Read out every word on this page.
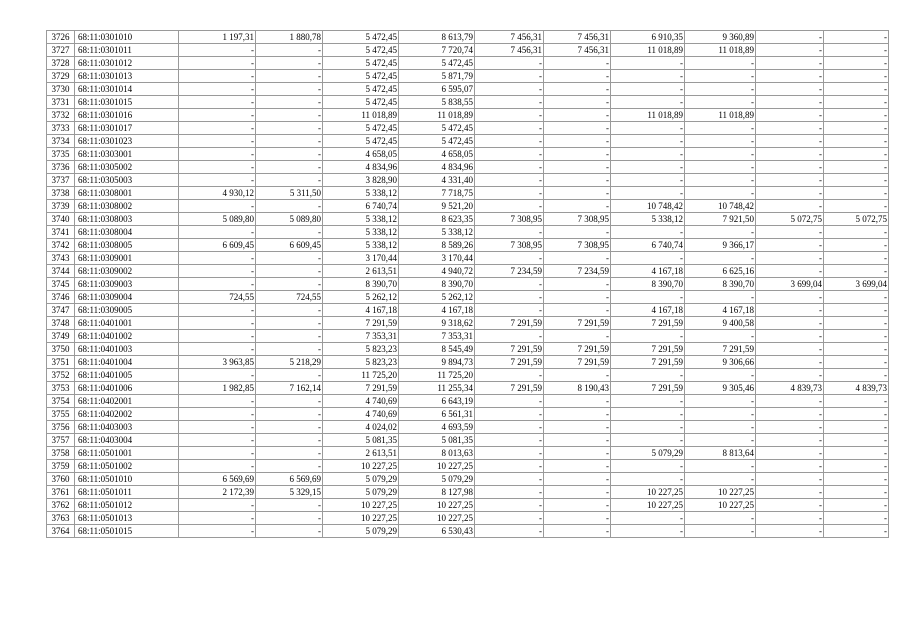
3726	68:11:0301010	1 197,31	1 880,78	5 472,45	8 613,79	7 456,31	7 456,31	6 910,35	9 360,89	-	-
3727	68:11:0301011	-	-	5 472,45	7 720,74	7 456,31	7 456,31	11 018,89	11 018,89	-	-
3728	68:11:0301012	-	-	5 472,45	5 472,45	-	-	-	-	-	-
3729	68:11:0301013	-	-	5 472,45	5 871,79	-	-	-	-	-	-
3730	68:11:0301014	-	-	5 472,45	6 595,07	-	-	-	-	-	-
3731	68:11:0301015	-	-	5 472,45	5 838,55	-	-	-	-	-	-
3732	68:11:0301016	-	-	11 018,89	11 018,89	-	-	11 018,89	11 018,89	-	-
3733	68:11:0301017	-	-	5 472,45	5 472,45	-	-	-	-	-	-
3734	68:11:0301023	-	-	5 472,45	5 472,45	-	-	-	-	-	-
3735	68:11:0303001	-	-	4 658,05	4 658,05	-	-	-	-	-	-
3736	68:11:0305002	-	-	4 834,96	4 834,96	-	-	-	-	-	-
3737	68:11:0305003	-	-	3 828,90	4 331,40	-	-	-	-	-	-
3738	68:11:0308001	4 930,12	5 311,50	5 338,12	7 718,75	-	-	-	-	-	-
3739	68:11:0308002	-	-	6 740,74	9 521,20	-	-	10 748,42	10 748,42	-	-
3740	68:11:0308003	5 089,80	5 089,80	5 338,12	8 623,35	7 308,95	7 308,95	5 338,12	7 921,50	5 072,75	5 072,75
3741	68:11:0308004	-	-	5 338,12	5 338,12	-	-	-	-	-	-
3742	68:11:0308005	6 609,45	6 609,45	5 338,12	8 589,26	7 308,95	7 308,95	6 740,74	9 366,17	-	-
3743	68:11:0309001	-	-	3 170,44	3 170,44	-	-	-	-	-	-
3744	68:11:0309002	-	-	2 613,51	4 940,72	7 234,59	7 234,59	4 167,18	6 625,16	-	-
3745	68:11:0309003	-	-	8 390,70	8 390,70	-	-	8 390,70	8 390,70	3 699,04	3 699,04
3746	68:11:0309004	724,55	724,55	5 262,12	5 262,12	-	-	-	-	-	-
3747	68:11:0309005	-	-	4 167,18	4 167,18	-	-	4 167,18	4 167,18	-	-
3748	68:11:0401001	-	-	7 291,59	9 318,62	7 291,59	7 291,59	7 291,59	9 400,58	-	-
3749	68:11:0401002	-	-	7 353,31	7 353,31	-	-	-	-	-	-
3750	68:11:0401003	-	-	5 823,23	8 545,49	7 291,59	7 291,59	7 291,59	7 291,59	-	-
3751	68:11:0401004	3 963,85	5 218,29	5 823,23	9 894,73	7 291,59	7 291,59	7 291,59	9 306,66	-	-
3752	68:11:0401005	-	-	11 725,20	11 725,20	-	-	-	-	-	-
3753	68:11:0401006	1 982,85	7 162,14	7 291,59	11 255,34	7 291,59	8 190,43	7 291,59	9 305,46	4 839,73	4 839,73
3754	68:11:0402001	-	-	4 740,69	6 643,19	-	-	-	-	-	-
3755	68:11:0402002	-	-	4 740,69	6 561,31	-	-	-	-	-	-
3756	68:11:0403003	-	-	4 024,02	4 693,59	-	-	-	-	-	-
3757	68:11:0403004	-	-	5 081,35	5 081,35	-	-	-	-	-	-
3758	68:11:0501001	-	-	2 613,51	8 013,63	-	-	5 079,29	8 813,64	-	-
3759	68:11:0501002	-	-	10 227,25	10 227,25	-	-	-	-	-	-
3760	68:11:0501010	6 569,69	6 569,69	5 079,29	5 079,29	-	-	-	-	-	-
3761	68:11:0501011	2 172,39	5 329,15	5 079,29	8 127,98	-	-	10 227,25	10 227,25	-	-
3762	68:11:0501012	-	-	10 227,25	10 227,25	-	-	10 227,25	10 227,25	-	-
3763	68:11:0501013	-	-	10 227,25	10 227,25	-	-	-	-	-	-
3764	68:11:0501015	-	-	5 079,29	6 530,43	-	-	-	-	-	-
